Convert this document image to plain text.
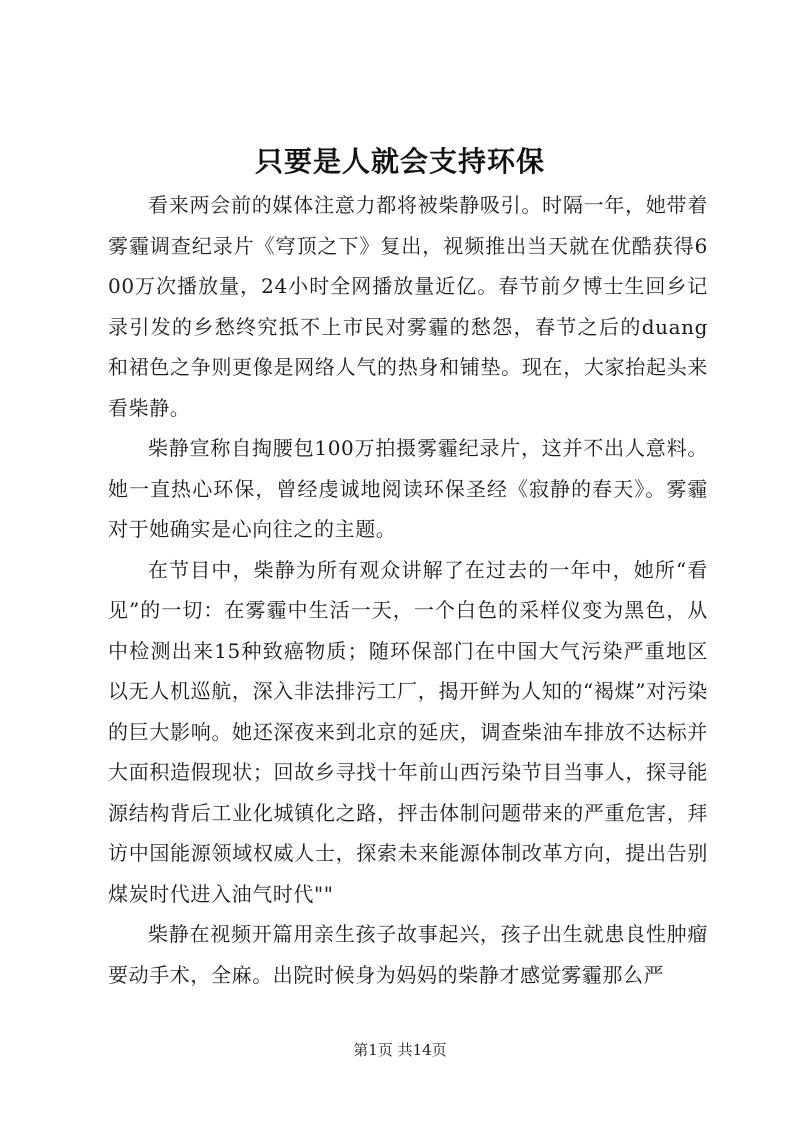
只要是人就会支持环保

看来两会前的媒体注意力都将被柴静吸引。时隔一年，她带着雾霾调查纪录片《穹顶之下》复出，视频推出当天就在优酷获得600万次播放量，24小时全网播放量近亿。春节前夕博士生回乡记录引发的乡愁终究抵不上市民对雾霾的愁怨，春节之后的duang和裙色之争则更像是网络人气的热身和铺垫。现在，大家抬起头来看柴静。

柴静宣称自掏腰包100万拍摄雾霾纪录片，这并不出人意料。她一直热心环保，曾经虔诚地阅读环保圣经《寂静的春天》。雾霾对于她确实是心向往之的主题。

在节目中，柴静为所有观众讲解了在过去的一年中，她所“看见”的一切：在雾霾中生活一天，一个白色的采样仪变为黑色，从中检测出来15种致癌物质；随环保部门在中国大气污染严重地区以无人机巡航，深入非法排污工厂，揭开鲜为人知的“褐煤”对污染的巨大影响。她还深夜来到北京的延庆，调查柴油车排放不达标并大面积造假现状；回故乡寻找十年前山西污染节目当事人，探寻能源结构背后工业化城镇化之路，抨击体制问题带来的严重危害，拜访中国能源领域权威人士，探索未来能源体制改革方向，提出告别煤炭时代进入油气时代""

柴静在视频开篇用亲生孩子故事起兴，孩子出生就患良性肿瘤要动手术，全麻。出院时候身为妈妈的柴静才感觉雾霾那么严

第1页 共14页
